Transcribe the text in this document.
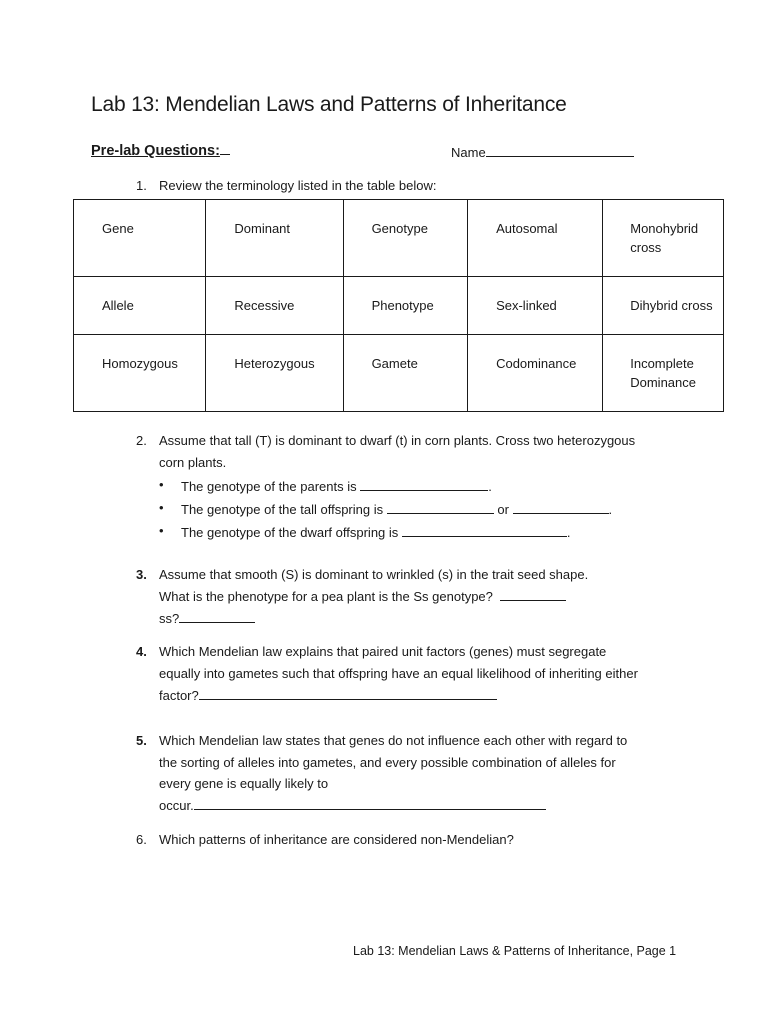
Lab 13: Mendelian Laws and Patterns of Inheritance
Pre-lab Questions:	Name
1. Review the terminology listed in the table below:
Gene	Dominant	Genotype	Autosomal	Monohybrid
cross
Allele	Recessive	Phenotype	Sex-linked	Dihybrid cross
Homozygous	Heterozygous	Gamete	Codominance	Incomplete
Dominance
2. Assume that tall (T) is dominant to dwarf (t) in corn plants. Cross two heterozygous
corn plants.
• The genotype of the parents is	.
• The genotype of the tall offspring is	or	.
• The genotype of the dwarf offspring is	.
3. Assume that smooth (S) is dominant to wrinkled (s) in the trait seed shape.
What is the phenotype for a pea plant is the Ss genotype?
ss?
4. Which Mendelian law explains that paired unit factors (genes) must segregate
equally into gametes such that offspring have an equal likelihood of inheriting either
factor?
5. Which Mendelian law states that genes do not influence each other with regard to
the sorting of alleles into gametes, and every possible combination of alleles for
every gene is equally likely to
occur.
6. Which patterns of inheritance are considered non-Mendelian?
Lab 13: Mendelian Laws & Patterns of Inheritance, Page 1
